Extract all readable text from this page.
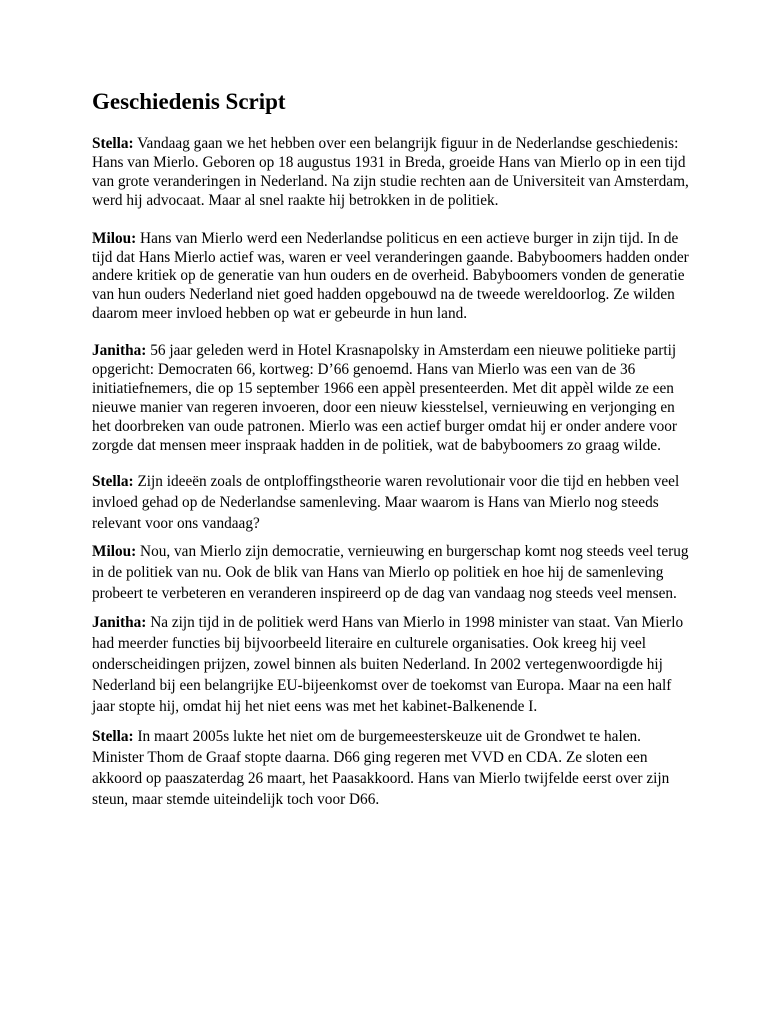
Geschiedenis Script

Stella: Vandaag gaan we het hebben over een belangrijk figuur in de Nederlandse geschiedenis: Hans van Mierlo. Geboren op 18 augustus 1931 in Breda, groeide Hans van Mierlo op in een tijd van grote veranderingen in Nederland. Na zijn studie rechten aan de Universiteit van Amsterdam, werd hij advocaat. Maar al snel raakte hij betrokken in de politiek.

Milou: Hans van Mierlo werd een Nederlandse politicus en een actieve burger in zijn tijd. In de tijd dat Hans Mierlo actief was, waren er veel veranderingen gaande. Babyboomers hadden onder andere kritiek op de generatie van hun ouders en de overheid. Babyboomers vonden de generatie van hun ouders Nederland niet goed hadden opgebouwd na de tweede wereldoorlog. Ze wilden daarom meer invloed hebben op wat er gebeurde in hun land.

Janitha: 56 jaar geleden werd in Hotel Krasnapolsky in Amsterdam een nieuwe politieke partij opgericht: Democraten 66, kortweg: D’66 genoemd. Hans van Mierlo was een van de 36 initiatiefnemers, die op 15 september 1966 een appèl presenteerden. Met dit appèl wilde ze een nieuwe manier van regeren invoeren, door een nieuw kiesstelsel, vernieuwing en verjonging en het doorbreken van oude patronen. Mierlo was een actief burger omdat hij er onder andere voor zorgde dat mensen meer inspraak hadden in de politiek, wat de babyboomers zo graag wilde.

Stella: Zijn ideeën zoals de ontploffingstheorie waren revolutionair voor die tijd en hebben veel invloed gehad op de Nederlandse samenleving. Maar waarom is Hans van Mierlo nog steeds relevant voor ons vandaag?

Milou: Nou, van Mierlo zijn democratie, vernieuwing en burgerschap komt nog steeds veel terug in de politiek van nu. Ook de blik van Hans van Mierlo op politiek en hoe hij de samenleving probeert te verbeteren en veranderen inspireerd op de dag van vandaag nog steeds veel mensen.

Janitha: Na zijn tijd in de politiek werd Hans van Mierlo in 1998 minister van staat. Van Mierlo had meerder functies bij bijvoorbeeld literaire en culturele organisaties. Ook kreeg hij veel onderscheidingen prijzen, zowel binnen als buiten Nederland. In 2002 vertegenwoordigde hij Nederland bij een belangrijke EU-bijeenkomst over de toekomst van Europa. Maar na een half jaar stopte hij, omdat hij het niet eens was met het kabinet-Balkenende I.

Stella: In maart 2005s lukte het niet om de burgemeesterskeuze uit de Grondwet te halen. Minister Thom de Graaf stopte daarna. D66 ging regeren met VVD en CDA. Ze sloten een akkoord op paaszaterdag 26 maart, het Paasakkoord. Hans van Mierlo twijfelde eerst over zijn steun, maar stemde uiteindelijk toch voor D66.
